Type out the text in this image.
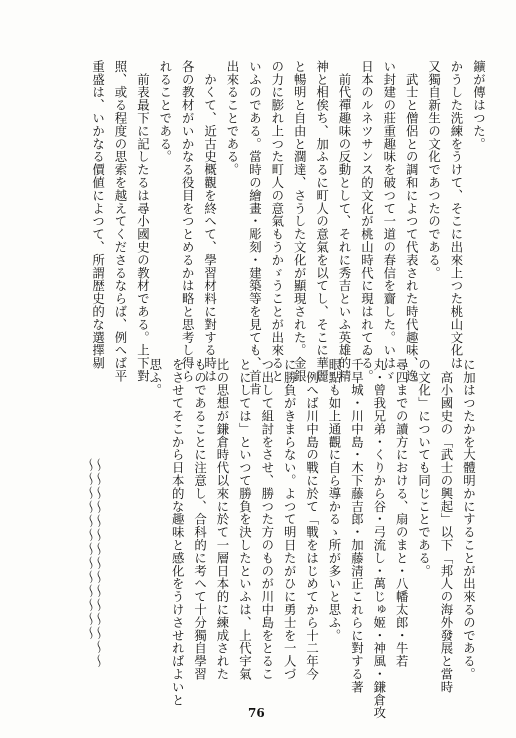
鑛が傳はつた。
かうした洗練をうけて、そこに出來上つた桃山文化は
又獨自新生の文化であつたのである。
　武士と僧侶との調和によつて代表された時代趣味、逸
い封建の莊重趣味を破つて一道の春信を齎した。いはゞ
日本のルネツサンス的文化が桃山時代に現はれてゐる。
　前代禪趣味の反動として、それに秀吉といふ英雄的精
神と相俟ち、加ふるに町人の意氣を以てし、そこに華麗
と暢明と自由と濶達、さうした文化が顯現された。金銀
の力に膨れ上つた町人の意氣もうかゞうことが出來ると
いふのである。當時の繪畫・彫刻・建築等を見ても、首肯
出來ることである。
　かくて、近古史概觀を終へて、學習材料に對する時は
各の教材がいかなる役目をつとめるかは略と思考し得ら
れることである。
　前表最下に記したるは尋小國史の教材である。上下對
照、或る程度の思索を越えてくださるならば、例へば平
重盛は、いかなる價値によつて、所謂歴史的な選擇剔
に加はつたかを大體明かにすることが出來るのである。
　高小國史の「武士の興起」以下「邦人の海外發展と當時
の文化」についても同じことである。
尋四までの讀方における、扇のまと・八幡太郎・牛若
丸・曾我兄弟・くりから谷・弓流し・萬じゅ姬・神風・鎌倉攻
千早城・川中島・木下藤吉郎・加藤清正これらに對する著
眼點も如上通觀に自ら導かるゝ所が多いと思ふ。
　例へば川中島の戰に於て「戰をはじめてから十二年今
に勝負がきまらない。よつて明日たがひに勇士を一人づ
つ出して組討をさせ、勝つた方のものが川中島をとるこ
とにしては」といつて勝負を決したといふは、上代宇氣
比の思想が鎌倉時代以來に於て一層日本的に練成された
ものであることに注意し、合科的に考へて十分獨自學習
をさせてそこから日本的な趣味と感化をうけさせればよいと
思ふ。
～～～～～～～～～～～～～～～～～～～～～～～～～～～～
76
